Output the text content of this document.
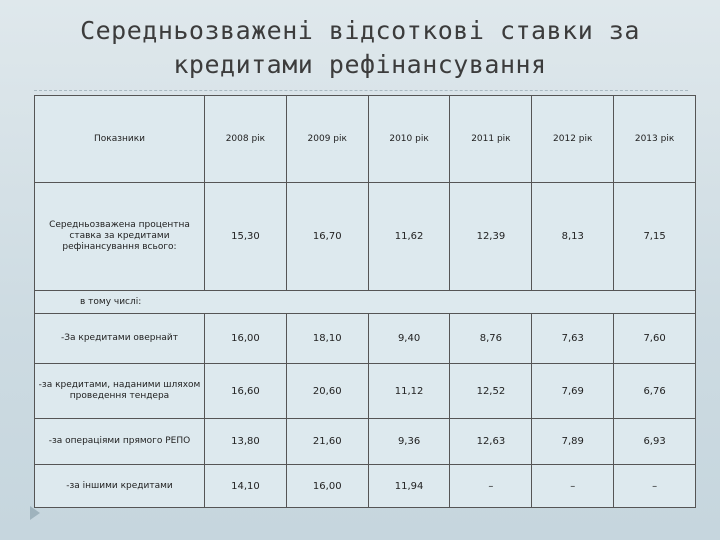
Середньозважені відсоткові ставки за
кредитами рефінансування
Показники	2008 рік	2009 рік	2010 рік	2011 рік	2012 рік	2013 рік
Середньозважена процентна ставка за кредитами рефінансування всього:	15,30	16,70	11,62	12,39	8,13	7,15
в тому числі:						
-За кредитами овернайт	16,00	18,10	9,40	8,76	7,63	7,60
-за кредитами, наданими шляхом проведення тендера	16,60	20,60	11,12	12,52	7,69	6,76
-за операціями прямого РЕПО	13,80	21,60	9,36	12,63	7,89	6,93
-за іншими кредитами	14,10	16,00	11,94	–	–	–
